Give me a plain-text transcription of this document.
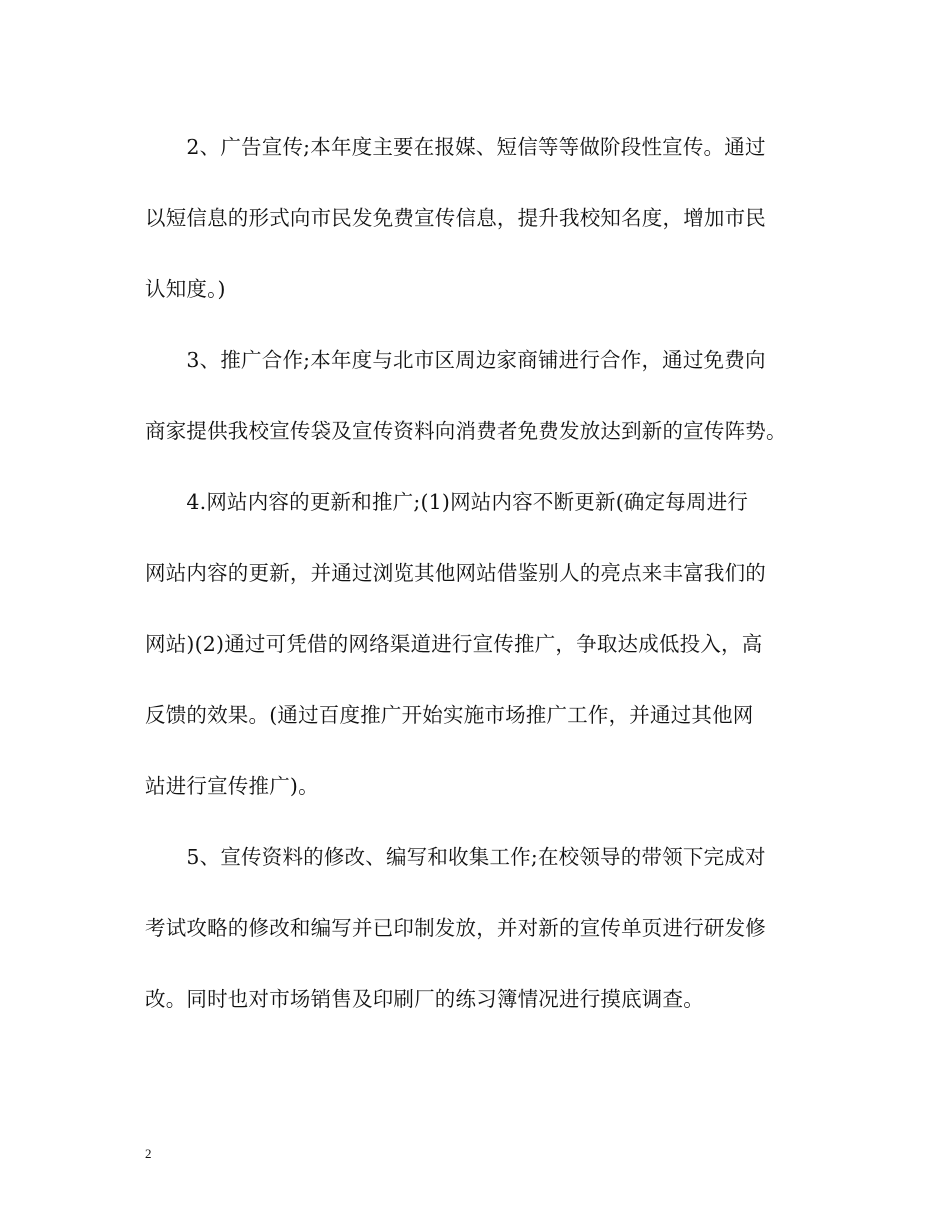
　　2、广告宣传;本年度主要在报媒、短信等等做阶段性宣传。通过
以短信息的形式向市民发免费宣传信息，提升我校知名度，增加市民
认知度。)
　　3、推广合作;本年度与北市区周边家商铺进行合作，通过免费向
商家提供我校宣传袋及宣传资料向消费者免费发放达到新的宣传阵势。
　　4.网站内容的更新和推广;(1)网站内容不断更新(确定每周进行
网站内容的更新，并通过浏览其他网站借鉴别人的亮点来丰富我们的
网站)(2)通过可凭借的网络渠道进行宣传推广，争取达成低投入，高
反馈的效果。(通过百度推广开始实施市场推广工作，并通过其他网
站进行宣传推广)。
　　5、宣传资料的修改、编写和收集工作;在校领导的带领下完成对
考试攻略的修改和编写并已印制发放，并对新的宣传单页进行研发修
改。同时也对市场销售及印刷厂的练习簿情况进行摸底调查。
2
